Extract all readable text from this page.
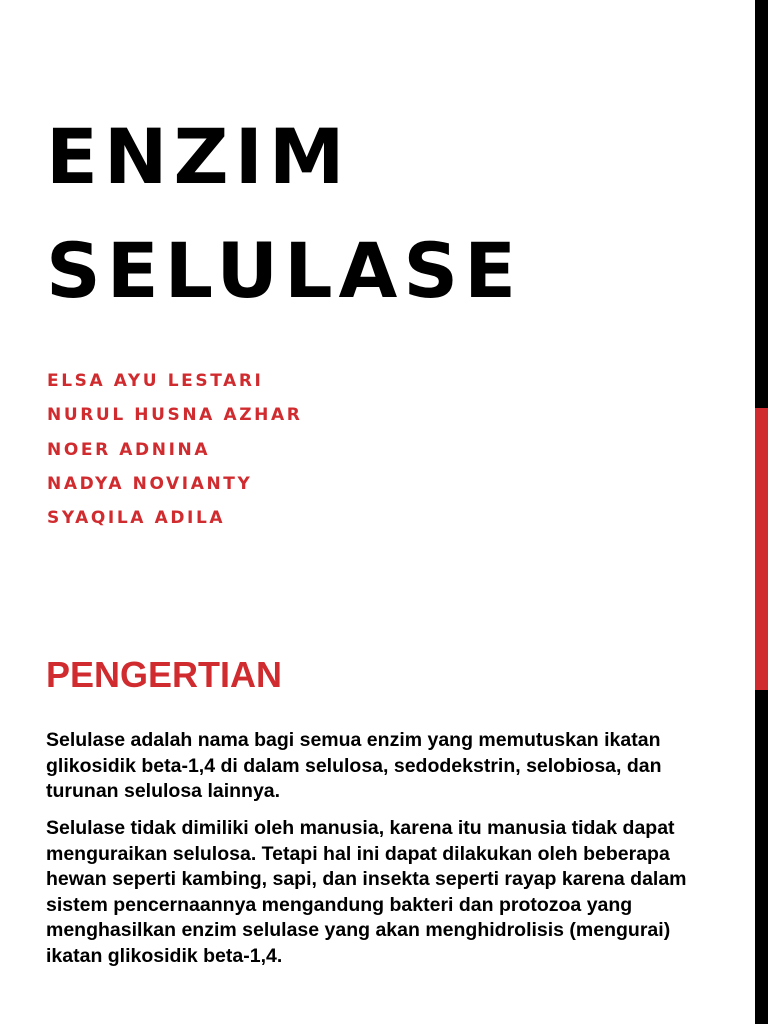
ENZIM
SELULASE
ELSA AYU LESTARI
NURUL HUSNA AZHAR
NOER ADNINA
NADYA NOVIANTY
SYAQILA ADILA
PENGERTIAN

Selulase adalah nama bagi semua enzim yang memutuskan ikatan glikosidik beta-1,4 di dalam selulosa, sedodekstrin, selobiosa, dan turunan selulosa lainnya.

Selulase tidak dimiliki oleh manusia, karena itu manusia tidak dapat menguraikan selulosa. Tetapi hal ini dapat dilakukan oleh beberapa hewan seperti kambing, sapi, dan insekta seperti rayap karena dalam sistem pencernaannya mengandung bakteri dan protozoa yang menghasilkan enzim selulase yang akan menghidrolisis (mengurai) ikatan glikosidik beta-1,4.
